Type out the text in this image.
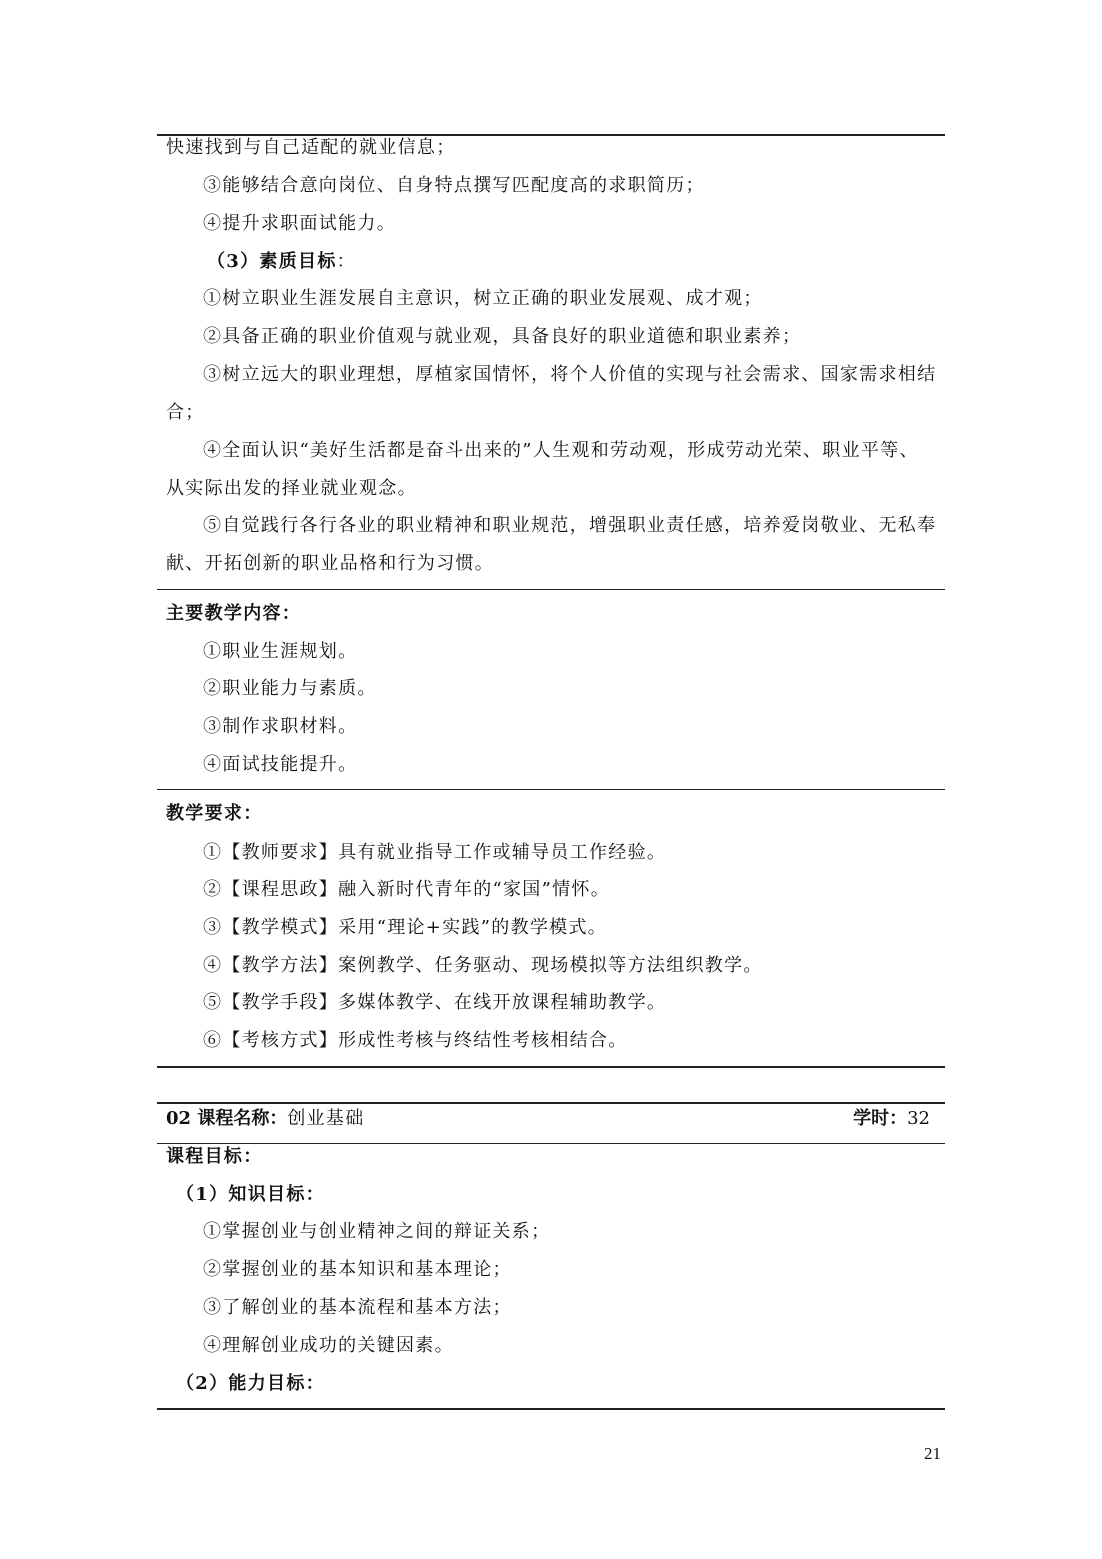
快速找到与自己适配的就业信息；
③能够结合意向岗位、自身特点撰写匹配度高的求职简历；
④提升求职面试能力。
（3）素质目标：
①树立职业生涯发展自主意识，树立正确的职业发展观、成才观；
②具备正确的职业价值观与就业观，具备良好的职业道德和职业素养；
③树立远大的职业理想，厚植家国情怀，将个人价值的实现与社会需求、国家需求相结
合；
④全面认识“美好生活都是奋斗出来的”人生观和劳动观，形成劳动光荣、职业平等、
从实际出发的择业就业观念。
⑤自觉践行各行各业的职业精神和职业规范，增强职业责任感，培养爱岗敬业、无私奉
献、开拓创新的职业品格和行为习惯。
主要教学内容：
①职业生涯规划。
②职业能力与素质。
③制作求职材料。
④面试技能提升。
教学要求：
①【教师要求】具有就业指导工作或辅导员工作经验。
②【课程思政】融入新时代青年的“家国”情怀。
③【教学模式】采用“理论+实践”的教学模式。
④【教学方法】案例教学、任务驱动、现场模拟等方法组织教学。
⑤【教学手段】多媒体教学、在线开放课程辅助教学。
⑥【考核方式】形成性考核与终结性考核相结合。
02 课程名称：创业基础	学时：32
课程目标：
（1）知识目标：
①掌握创业与创业精神之间的辩证关系；
②掌握创业的基本知识和基本理论；
③了解创业的基本流程和基本方法；
④理解创业成功的关键因素。
（2）能力目标：
21
